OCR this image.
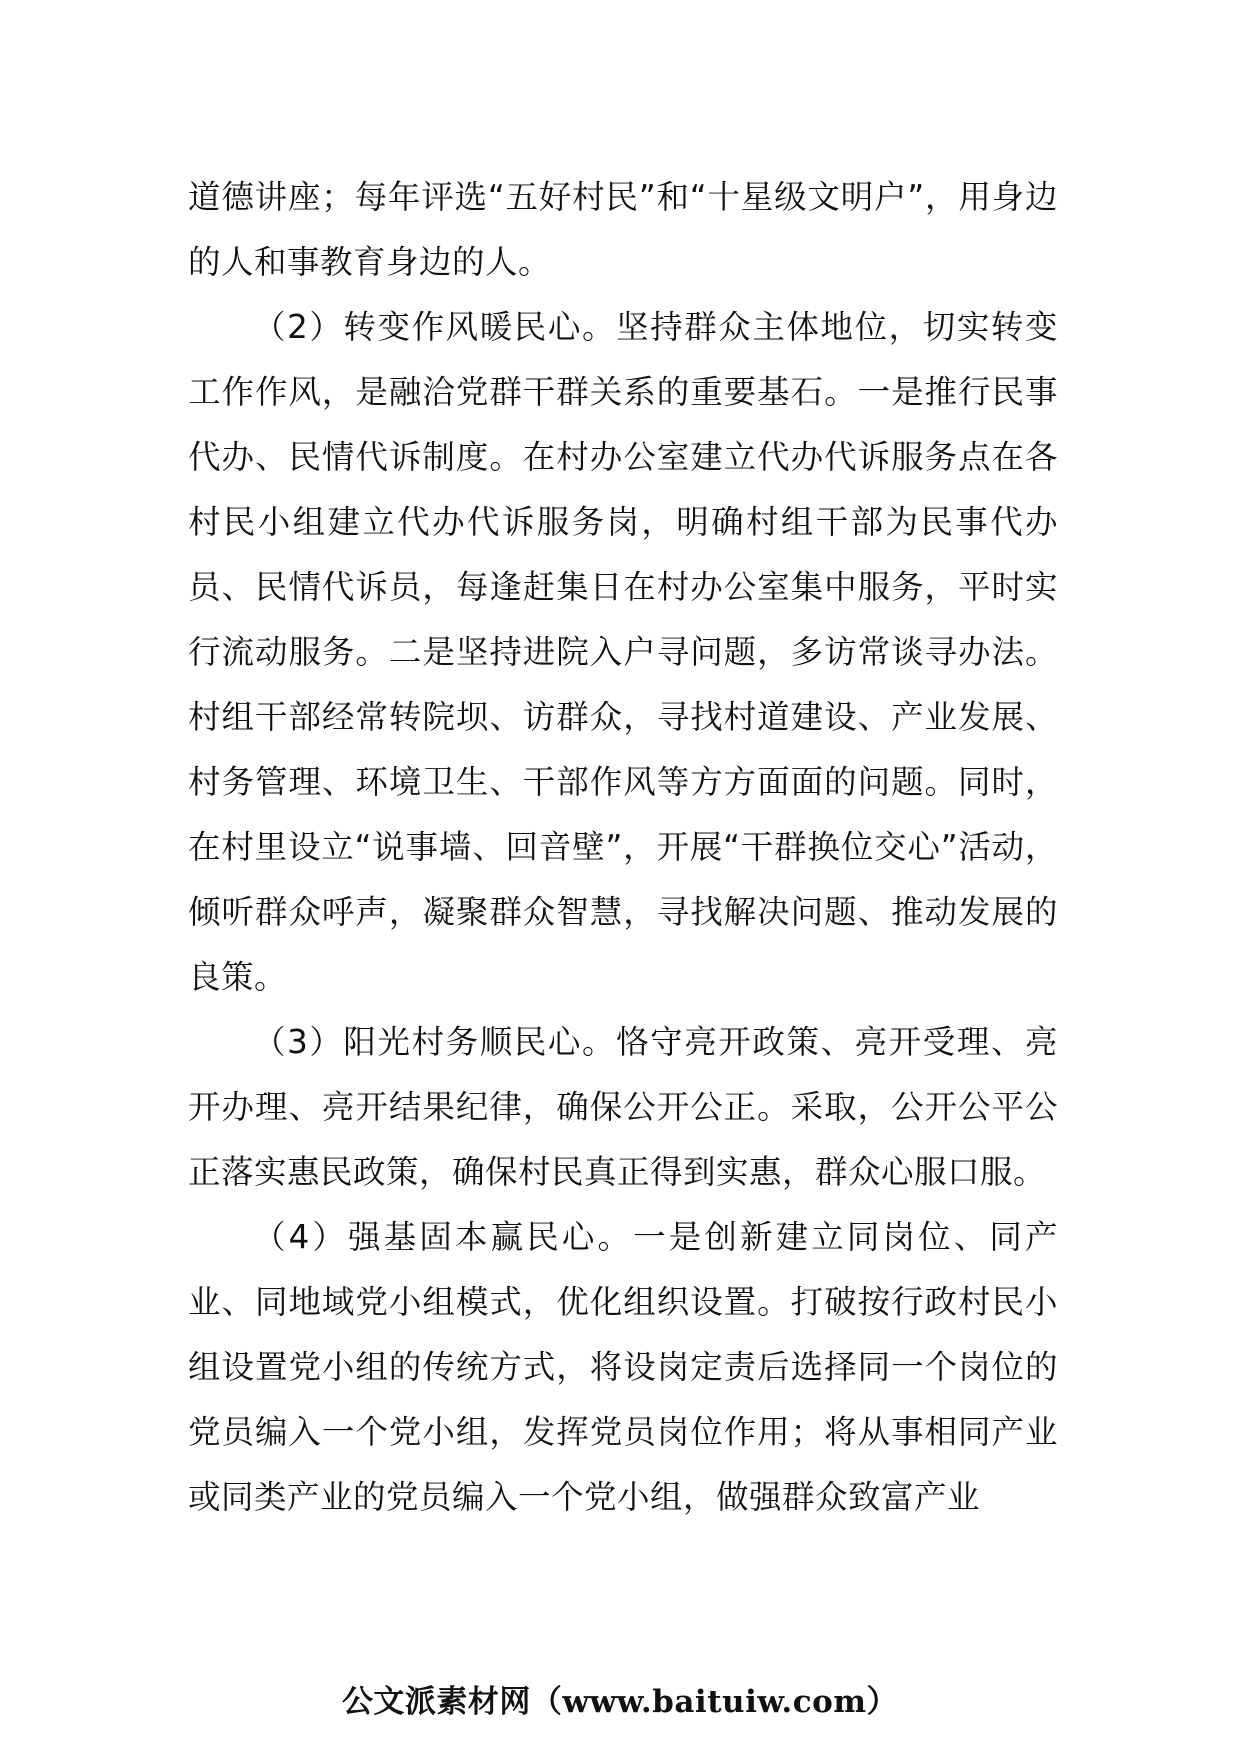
道德讲座；每年评选“五好村民”和“十星级文明户”，用身边的人和事教育身边的人。

（2）转变作风暖民心。坚持群众主体地位，切实转变工作作风，是融洽党群干群关系的重要基石。一是推行民事代办、民情代诉制度。在村办公室建立代办代诉服务点在各村民小组建立代办代诉服务岗，明确村组干部为民事代办员、民情代诉员，每逢赶集日在村办公室集中服务，平时实行流动服务。二是坚持进院入户寻问题，多访常谈寻办法。村组干部经常转院坝、访群众，寻找村道建设、产业发展、村务管理、环境卫生、干部作风等方方面面的问题。同时，在村里设立“说事墙、回音壁”，开展“干群换位交心”活动，倾听群众呼声，凝聚群众智慧，寻找解决问题、推动发展的良策。

（3）阳光村务顺民心。恪守亮开政策、亮开受理、亮开办理、亮开结果纪律，确保公开公正。采取，公开公平公正落实惠民政策，确保村民真正得到实惠，群众心服口服。

（4）强基固本赢民心。一是创新建立同岗位、同产业、同地域党小组模式，优化组织设置。打破按行政村民小组设置党小组的传统方式，将设岗定责后选择同一个岗位的党员编入一个党小组，发挥党员岗位作用；将从事相同产业或同类产业的党员编入一个党小组，做强群众致富产业

公文派素材网（www.baituiw.com）
